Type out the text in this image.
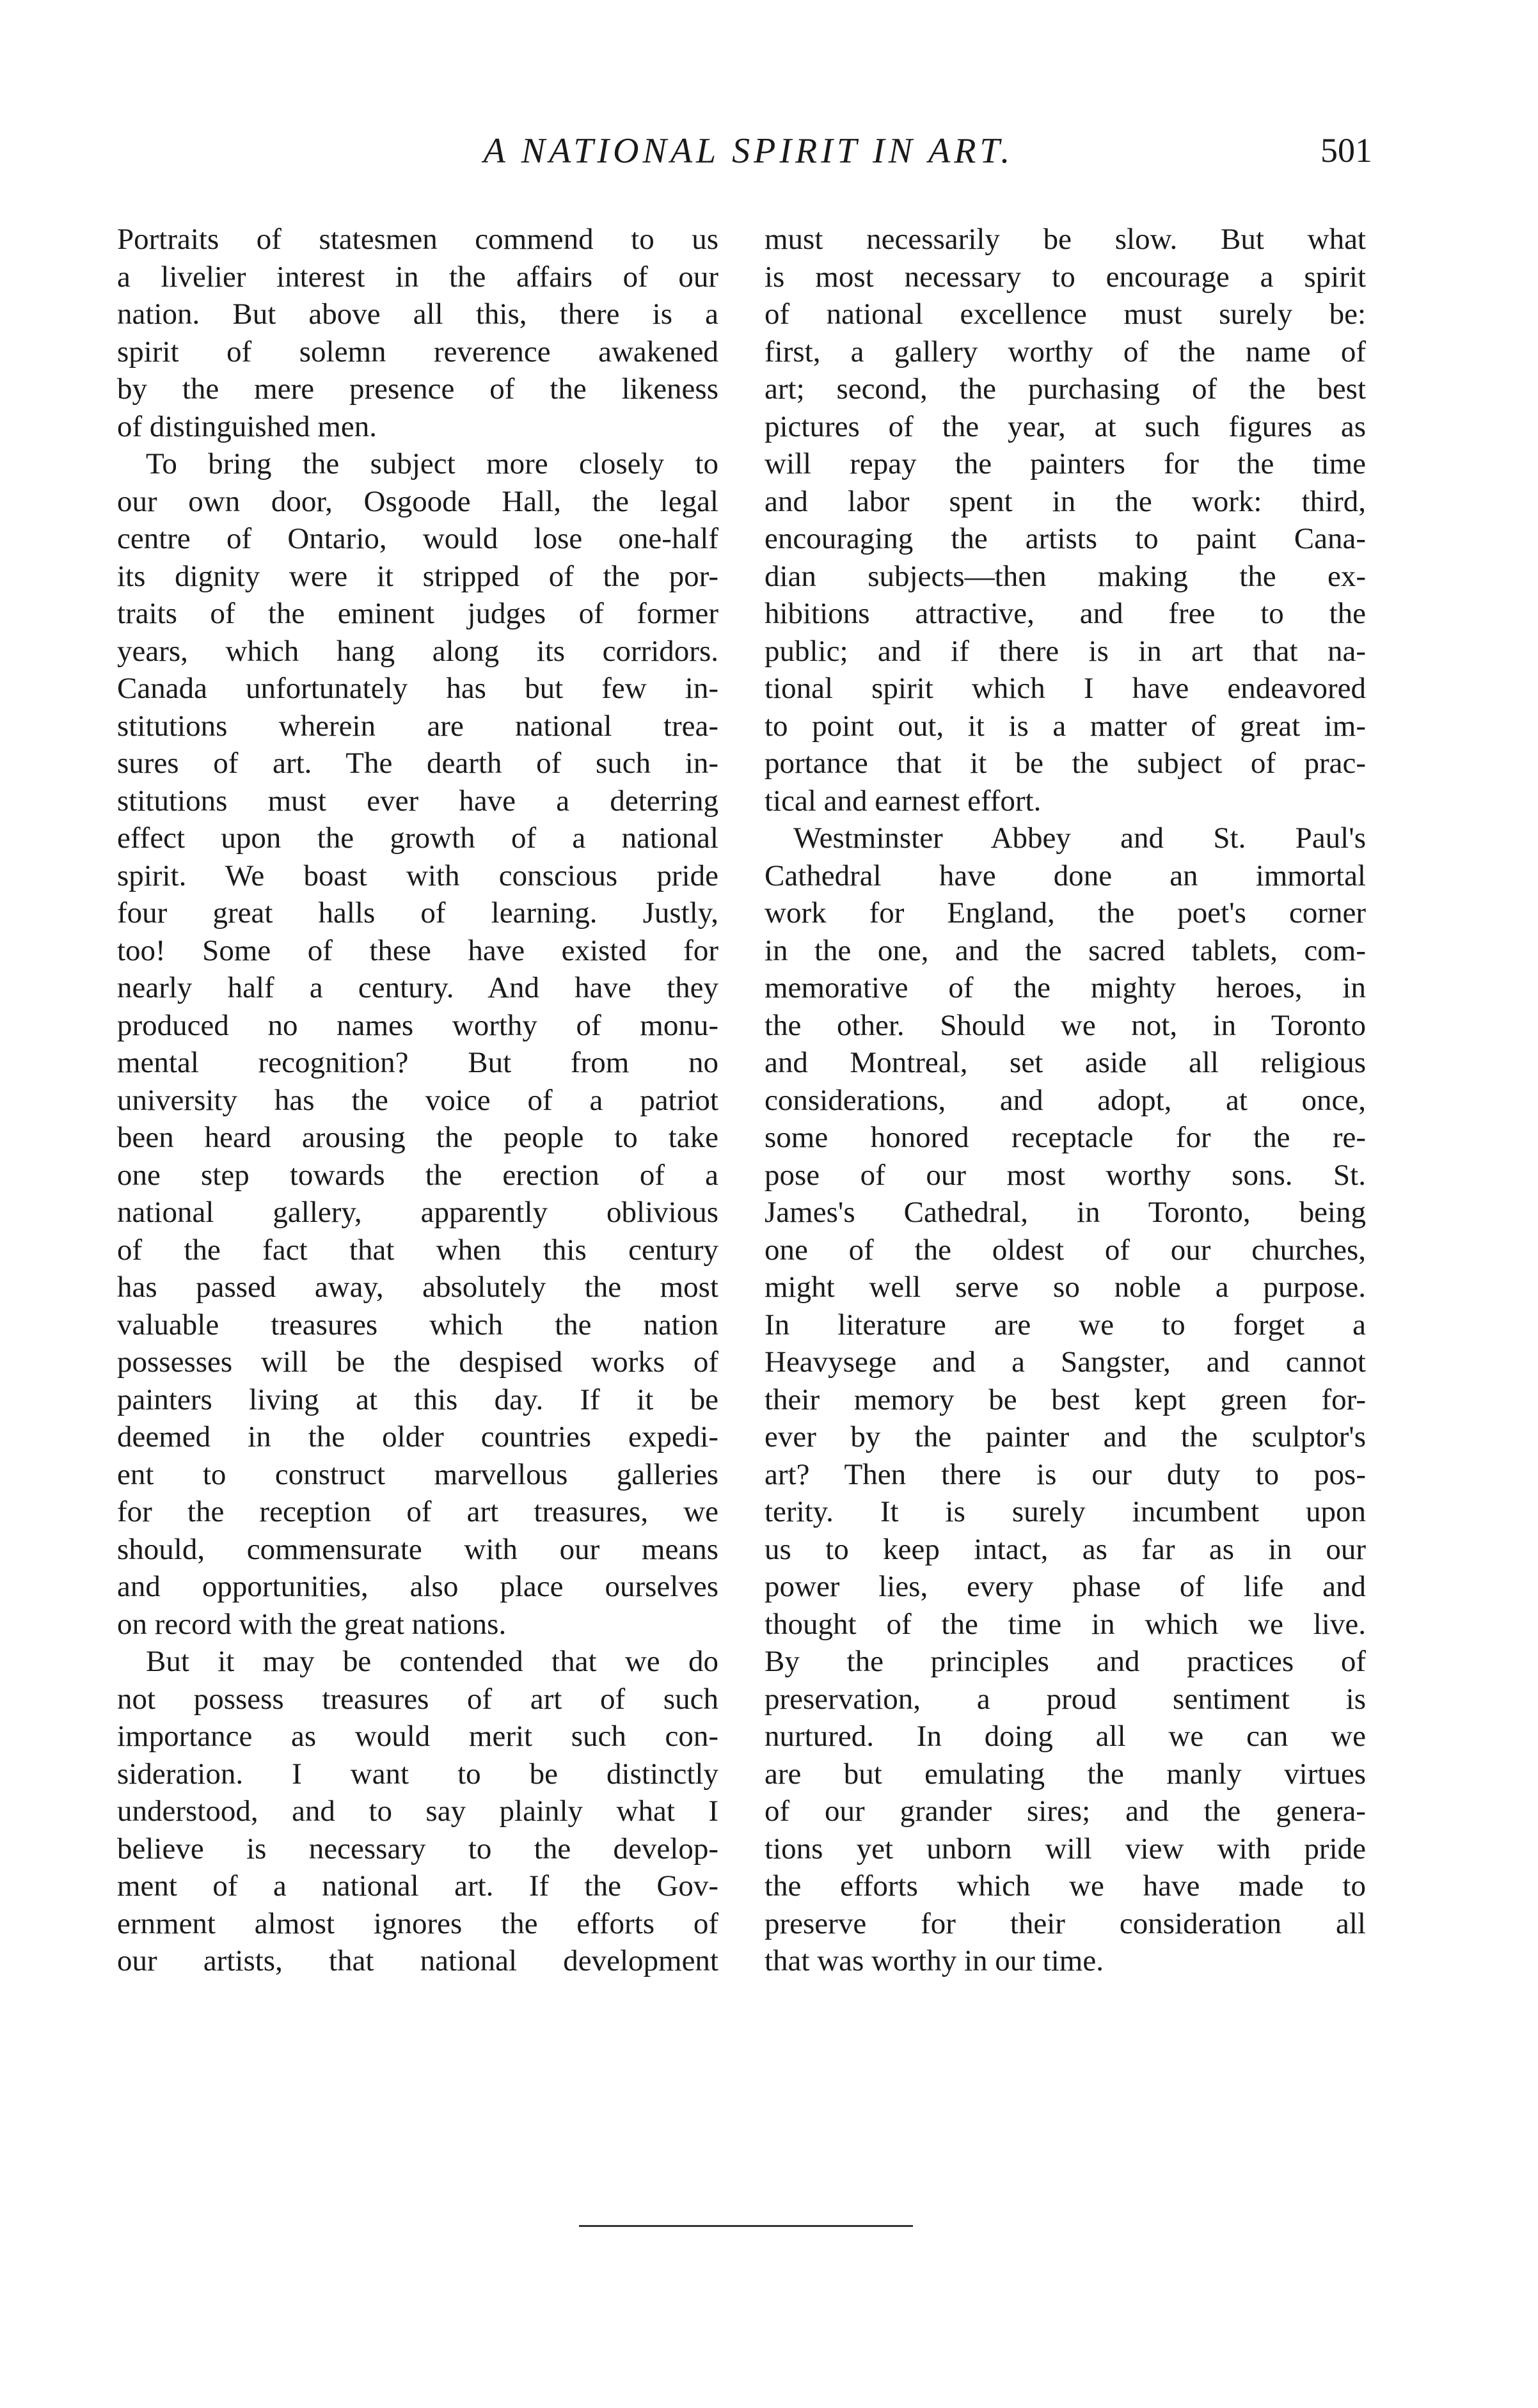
A NATIONAL SPIRIT IN ART.	501
Portraits of statesmen commend to us
a livelier interest in the affairs of our
nation. But above all this, there is a
spirit of solemn reverence awakened
by the mere presence of the likeness
of distinguished men.
To bring the subject more closely to
our own door, Osgoode Hall, the legal
centre of Ontario, would lose one-half
its dignity were it stripped of the por-
traits of the eminent judges of former
years, which hang along its corridors.
Canada unfortunately has but few in-
stitutions wherein are national trea-
sures of art. The dearth of such in-
stitutions must ever have a deterring
effect upon the growth of a national
spirit. We boast with conscious pride
four great halls of learning. Justly,
too! Some of these have existed for
nearly half a century. And have they
produced no names worthy of monu-
mental recognition? But from no
university has the voice of a patriot
been heard arousing the people to take
one step towards the erection of a
national gallery, apparently oblivious
of the fact that when this century
has passed away, absolutely the most
valuable treasures which the nation
possesses will be the despised works of
painters living at this day. If it be
deemed in the older countries expedi-
ent to construct marvellous galleries
for the reception of art treasures, we
should, commensurate with our means
and opportunities, also place ourselves
on record with the great nations.
But it may be contended that we do
not possess treasures of art of such
importance as would merit such con-
sideration. I want to be distinctly
understood, and to say plainly what I
believe is necessary to the develop-
ment of a national art. If the Gov-
ernment almost ignores the efforts of
our artists, that national development
must necessarily be slow. But what
is most necessary to encourage a spirit
of national excellence must surely be:
first, a gallery worthy of the name of
art; second, the purchasing of the best
pictures of the year, at such figures as
will repay the painters for the time
and labor spent in the work: third,
encouraging the artists to paint Cana-
dian subjects—then making the ex-
hibitions attractive, and free to the
public; and if there is in art that na-
tional spirit which I have endeavored
to point out, it is a matter of great im-
portance that it be the subject of prac-
tical and earnest effort.
Westminster Abbey and St. Paul's
Cathedral have done an immortal
work for England, the poet's corner
in the one, and the sacred tablets, com-
memorative of the mighty heroes, in
the other. Should we not, in Toronto
and Montreal, set aside all religious
considerations, and adopt, at once,
some honored receptacle for the re-
pose of our most worthy sons. St.
James's Cathedral, in Toronto, being
one of the oldest of our churches,
might well serve so noble a purpose.
In literature are we to forget a
Heavysege and a Sangster, and cannot
their memory be best kept green for-
ever by the painter and the sculptor's
art? Then there is our duty to pos-
terity. It is surely incumbent upon
us to keep intact, as far as in our
power lies, every phase of life and
thought of the time in which we live.
By the principles and practices of
preservation, a proud sentiment is
nurtured. In doing all we can we
are but emulating the manly virtues
of our grander sires; and the genera-
tions yet unborn will view with pride
the efforts which we have made to
preserve for their consideration all
that was worthy in our time.
